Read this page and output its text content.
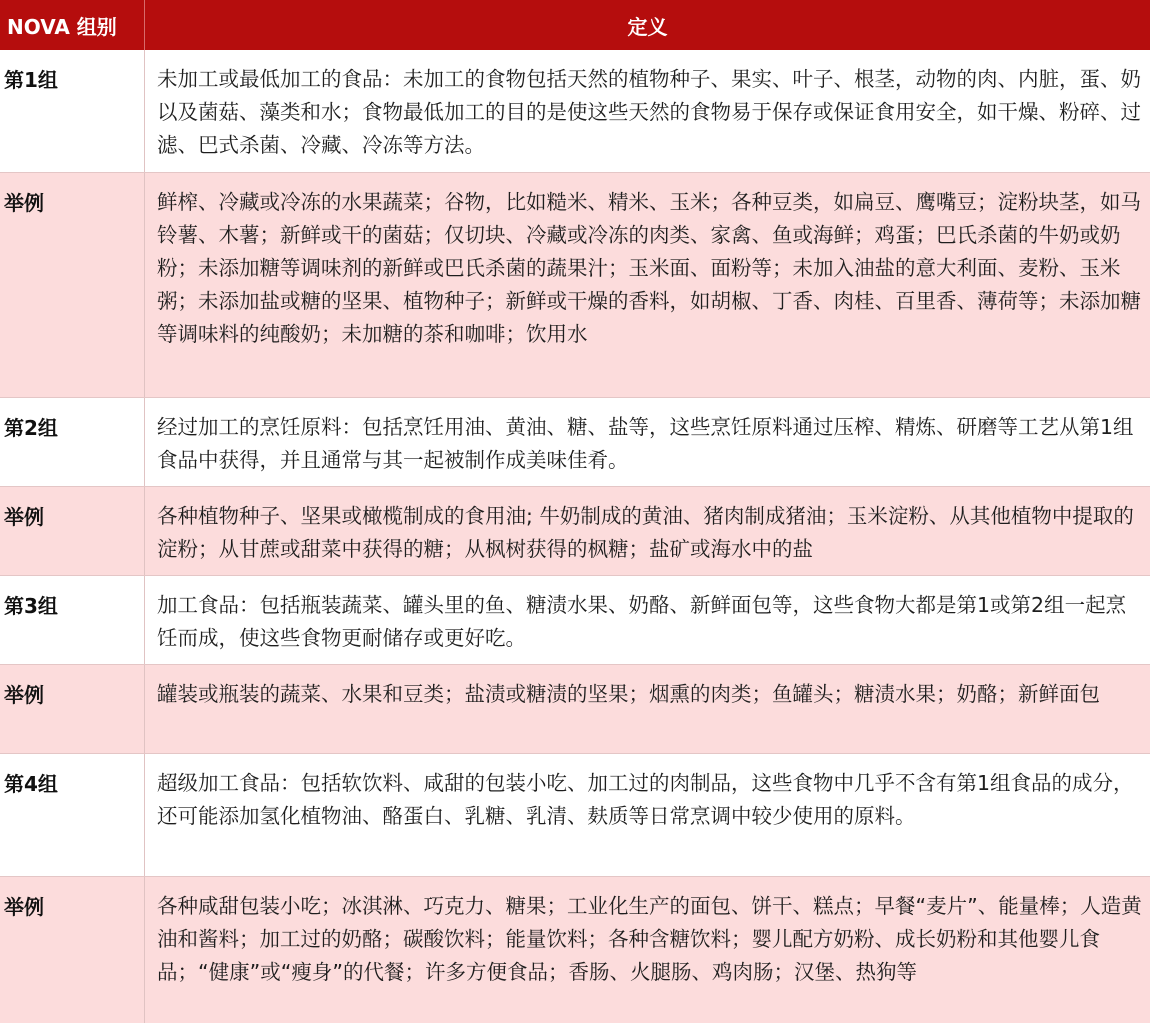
NOVA 组别	定义
第1组	未加工或最低加工的食品：未加工的食物包括天然的植物种子、果实、叶子、根茎，动物的肉、内脏，蛋、奶以及菌菇、藻类和水；食物最低加工的目的是使这些天然的食物易于保存或保证食用安全，如干燥、粉碎、过滤、巴式杀菌、冷藏、冷冻等方法。
举例	鲜榨、冷藏或冷冻的水果蔬菜；谷物，比如糙米、精米、玉米；各种豆类，如扁豆、鹰嘴豆；淀粉块茎，如马铃薯、木薯；新鲜或干的菌菇；仅切块、冷藏或冷冻的肉类、家禽、鱼或海鲜；鸡蛋；巴氏杀菌的牛奶或奶粉；未添加糖等调味剂的新鲜或巴氏杀菌的蔬果汁；玉米面、面粉等；未加入油盐的意大利面、麦粉、玉米粥；未添加盐或糖的坚果、植物种子；新鲜或干燥的香料，如胡椒、丁香、肉桂、百里香、薄荷等；未添加糖等调味料的纯酸奶；未加糖的茶和咖啡；饮用水
第2组	经过加工的烹饪原料：包括烹饪用油、黄油、糖、盐等，这些烹饪原料通过压榨、精炼、研磨等工艺从第1组食品中获得，并且通常与其一起被制作成美味佳肴。
举例	各种植物种子、坚果或橄榄制成的食用油; 牛奶制成的黄油、猪肉制成猪油；玉米淀粉、从其他植物中提取的淀粉；从甘蔗或甜菜中获得的糖；从枫树获得的枫糖；盐矿或海水中的盐
第3组	加工食品：包括瓶装蔬菜、罐头里的鱼、糖渍水果、奶酪、新鲜面包等，这些食物大都是第1或第2组一起烹饪而成，使这些食物更耐储存或更好吃。
举例	罐装或瓶装的蔬菜、水果和豆类；盐渍或糖渍的坚果；烟熏的肉类；鱼罐头；糖渍水果；奶酪；新鲜面包
第4组	超级加工食品：包括软饮料、咸甜的包装小吃、加工过的肉制品，这些食物中几乎不含有第1组食品的成分，还可能添加氢化植物油、酪蛋白、乳糖、乳清、麸质等日常烹调中较少使用的原料。
举例	各种咸甜包装小吃；冰淇淋、巧克力、糖果；工业化生产的面包、饼干、糕点；早餐“麦片”、能量棒；人造黄油和酱料；加工过的奶酪；碳酸饮料；能量饮料；各种含糖饮料；婴儿配方奶粉、成长奶粉和其他婴儿食品；“健康”或“瘦身”的代餐；许多方便食品；香肠、火腿肠、鸡肉肠；汉堡、热狗等
